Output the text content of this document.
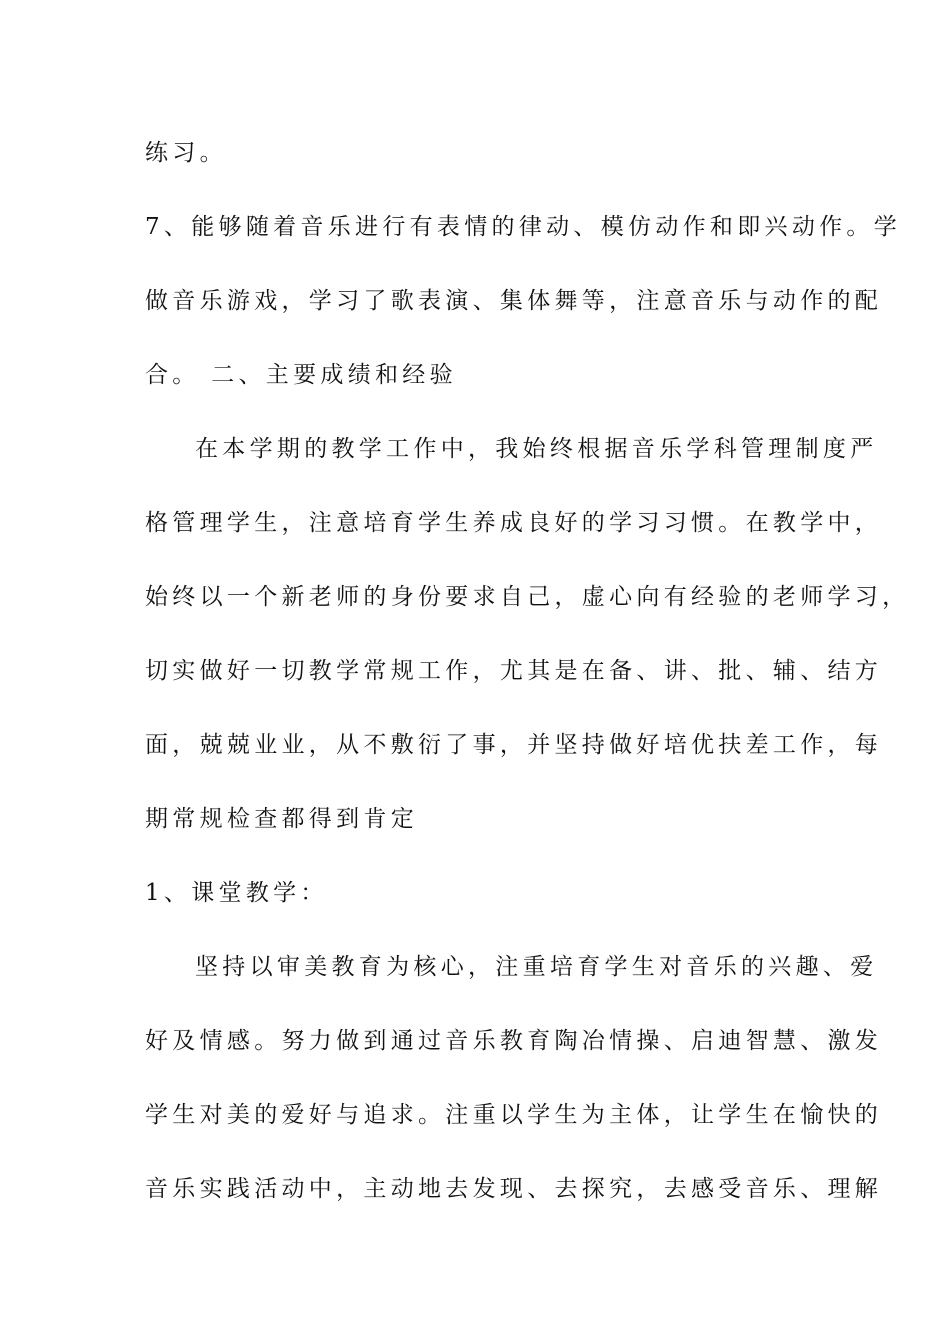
练习。
7、能够随着音乐进行有表情的律动、模仿动作和即兴动作。学
做音乐游戏，学习了歌表演、集体舞等，注意音乐与动作的配
合。 二、主要成绩和经验
在本学期的教学工作中，我始终根据音乐学科管理制度严
格管理学生，注意培育学生养成良好的学习习惯。在教学中，
始终以一个新老师的身份要求自己，虚心向有经验的老师学习，
切实做好一切教学常规工作，尤其是在备、讲、批、辅、结方
面，兢兢业业，从不敷衍了事，并坚持做好培优扶差工作，每
期常规检查都得到肯定
1、课堂教学：
坚持以审美教育为核心，注重培育学生对音乐的兴趣、爱
好及情感。努力做到通过音乐教育陶冶情操、启迪智慧、激发
学生对美的爱好与追求。注重以学生为主体，让学生在愉快的
音乐实践活动中，主动地去发现、去探究，去感受音乐、理解
